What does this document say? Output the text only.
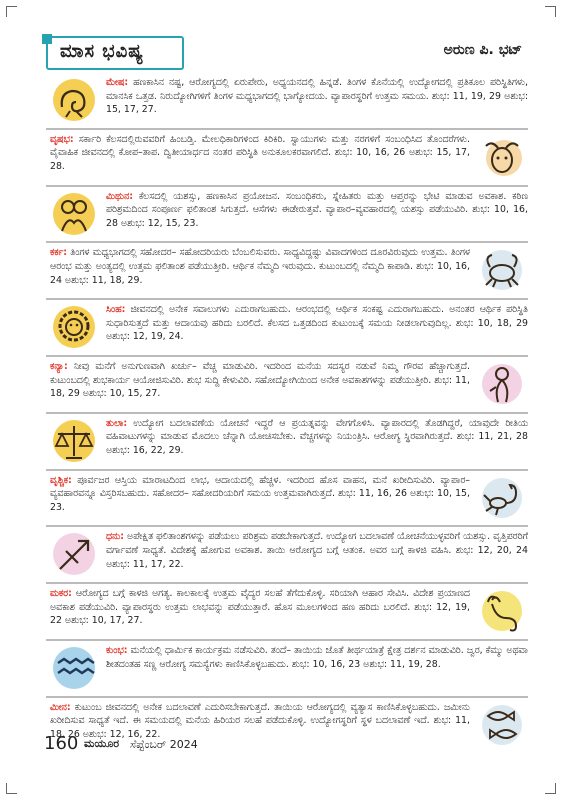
ಮಾಸ ಭವಿಷ್ಯ	ಅರುಣ ಪಿ. ಭಟ್
ಮೇಷ: ಹಣಕಾಸಿನ ನಷ್ಟ, ಆರೋಗ್ಯದಲ್ಲಿ ಏರುಪೇರು, ಅಧ್ಯಯನದಲ್ಲಿ ಹಿನ್ನಡೆ. ತಿಂಗಳ ಕೊನೆಯಲ್ಲಿ ಉದ್ಯೋಗದಲ್ಲಿ ಪ್ರತಿಕೂಲ ಪರಿಸ್ಥಿತಿಗಳು, ಮಾನಸಿಕ ಒತ್ತಡ. ನಿರುದ್ಯೋಗಿಗಳಿಗೆ ತಿಂಗಳ ಮಧ್ಯಭಾಗದಲ್ಲಿ ಭಾಗ್ಯೋದಯ. ವ್ಯಾಪಾರಸ್ಥರಿಗೆ ಉತ್ತಮ ಸಮಯ. ಶುಭ: 11, 19, 29 ಅಶುಭ: 15, 17, 27.
ವೃಷಭ: ಸರ್ಕಾರಿ ಕೆಲಸದಲ್ಲಿರುವವರಿಗೆ ಹಿಂಬಡ್ತಿ. ಮೇಲಧಿಕಾರಿಗಳಿಂದ ಕಿರಿಕಿರಿ. ಸ್ವಾಯುಗಳು ಮತ್ತು ನರಗಳಿಗೆ ಸಂಬಂಧಿಸಿದ ತೊಂದರೆಗಳು. ವೈವಾಹಿಕ ಜೀವನದಲ್ಲಿ ಕೋಪ–ತಾಪ. ದ್ವಿತೀಯಾರ್ಧದ ನಂತರ ಪರಿಸ್ಥಿತಿ ಅನುಕೂಲಕರವಾಗಲಿದೆ. ಶುಭ: 10, 16, 26 ಅಶುಭ: 15, 17, 28.
ಮಿಥುನ: ಕೆಲಸದಲ್ಲಿ ಯಶಸ್ಸು, ಹಣಕಾಸಿನ ಪ್ರಯೋಜನ. ಸಂಬಂಧಿಕರು, ಸ್ನೇಹಿತರು ಮತ್ತು ಆಪ್ತರನ್ನು ಭೇಟಿ ಮಾಡುವ ಅವಕಾಶ. ಕಠಿಣ ಪರಿಶ್ರಮದಿಂದ ಸಂಪೂರ್ಣ ಫಲಿತಾಂಶ ಸಿಗುತ್ತದೆ. ಆಸೆಗಳು ಈಡೇರುತ್ತವೆ. ವ್ಯಾಪಾರ–ವ್ಯವಹಾರದಲ್ಲಿ ಯಶಸ್ಸು ಪಡೆಯುವಿರಿ. ಶುಭ: 10, 16, 28 ಅಶುಭ: 12, 15, 23.
ಕರ್ಕ: ತಿಂಗಳ ಮಧ್ಯಭಾಗದಲ್ಲಿ ಸಹೋದರ– ಸಹೋದರಿಯರು ಬೆಂಬಲಿಸುವರು. ಸಾಧ್ಯವಿದ್ದಷ್ಟು ವಿವಾದಗಳಿಂದ ದೂರವಿರುವುದು ಉತ್ತಮ. ತಿಂಗಳ ಆರಂಭ ಮತ್ತು ಅಂತ್ಯದಲ್ಲಿ ಉತ್ತಮ ಫಲಿತಾಂಶ ಪಡೆಯುತ್ತೀರಿ. ಆರ್ಥಿಕ ನೆಮ್ಮದಿ ಇರುವುದು. ಕುಟುಂಬದಲ್ಲಿ ನೆಮ್ಮದಿ ಕಾಪಾಡಿ. ಶುಭ: 10, 16, 24 ಅಶುಭ: 11, 18, 29.
ಸಿಂಹ: ಜೀವನದಲ್ಲಿ ಅನೇಕ ಸವಾಲುಗಳು ಎದುರಾಗಬಹುದು. ಆರಂಭದಲ್ಲಿ ಆರ್ಥಿಕ ಸಂಕಷ್ಟ ಎದುರಾಗಬಹುದು. ಅನಂತರ ಆರ್ಥಿಕ ಪರಿಸ್ಥಿತಿ ಸುಧಾರಿಸುತ್ತದೆ ಮತ್ತು ಆದಾಯವು ಹರಿದು ಬರಲಿದೆ. ಕೆಲಸದ ಒತ್ತಡದಿಂದ ಕುಟುಂಬಕ್ಕೆ ಸಮಯ ನೀಡಲಾಗುವುದಿಲ್ಲ. ಶುಭ: 10, 18, 29 ಅಶುಭ: 12, 19, 24.
ಕನ್ಯಾ: ನೀವು ಮನೆಗೆ ಅನುಗುಣವಾಗಿ ಖರ್ಚು– ವೆಚ್ಚ ಮಾಡುವಿರಿ. ಇದರಿಂದ ಮನೆಯ ಸದಸ್ಯರ ನಡುವೆ ನಿಮ್ಮ ಗೌರವ ಹೆಚ್ಚಾಗುತ್ತದೆ. ಕುಟುಂಬದಲ್ಲಿ ಶುಭಕಾರ್ಯ ಆಯೋಜಿಸುವಿರಿ. ಶುಭ ಸುದ್ದಿ ಕೇಳುವಿರಿ. ಸಹೋದ್ಯೋಗಿಯಿಂದ ಅನೇಕ ಅವಕಾಶಗಳನ್ನು ಪಡೆಯುತ್ತೀರಿ. ಶುಭ: 11, 18, 29 ಅಶುಭ: 10, 15, 27.
ತುಲಾ: ಉದ್ಯೋಗ ಬದಲಾವಣೆಯ ಯೋಚನೆ ಇದ್ದರೆ ಆ ಪ್ರಯತ್ನವನ್ನು ವೇಗಗೊಳಿಸಿ. ವ್ಯಾಪಾರದಲ್ಲಿ ತೊಡಗಿದ್ದರೆ, ಯಾವುದೇ ರೀತಿಯ ವಹಿವಾಟುಗಳನ್ನು ಮಾಡುವ ಮೊದಲು ಚೆನ್ನಾಗಿ ಯೋಚಿಸಬೇಕು. ವೆಚ್ಚಗಳನ್ನು ನಿಯಂತ್ರಿಸಿ. ಆರೋಗ್ಯ ಸ್ಥಿರವಾಗಿರುತ್ತದೆ. ಶುಭ: 11, 21, 28 ಅಶುಭ: 16, 22, 29.
ವೃಶ್ಚಿಕ: ಪೂರ್ವಜರ ಆಸ್ತಿಯ ಮಾರಾಟದಿಂದ ಲಾಭ, ಆದಾಯದಲ್ಲಿ ಹೆಚ್ಚಳ. ಇದರಿಂದ ಹೊಸ ವಾಹನ, ಮನೆ ಖರೀದಿಸುವಿರಿ. ವ್ಯಾಪಾರ–ವ್ಯವಹಾರವನ್ನೂ ವಿಸ್ತರಿಸಬಹುದು. ಸಹೋದರ– ಸಹೋದರಿಯರಿಗೆ ಸಮಯ ಉತ್ತಮವಾಗಿರುತ್ತದೆ. ಶುಭ: 11, 16, 26 ಅಶುಭ: 10, 15, 23.
ಧನು: ಅಪೇಕ್ಷಿತ ಫಲಿತಾಂಶಗಳನ್ನು ಪಡೆಯಲು ಪರಿಶ್ರಮ ಪಡಬೇಕಾಗುತ್ತದೆ. ಉದ್ಯೋಗ ಬದಲಾವಣೆ ಯೋಚನೆಯುಳ್ಳವರಿಗೆ ಯಶಸ್ಸು. ವೃತ್ತಿಪರರಿಗೆ ವರ್ಗಾವಣೆ ಸಾಧ್ಯತೆ. ವಿದೇಶಕ್ಕೆ ಹೋಗುವ ಅವಕಾಶ. ತಾಯಿ ಆರೋಗ್ಯದ ಬಗ್ಗೆ ಆತಂಕ. ಅವರ ಬಗ್ಗೆ ಕಾಳಜಿ ವಹಿಸಿ. ಶುಭ: 12, 20, 24 ಅಶುಭ: 11, 17, 22.
ಮಕರ: ಆರೋಗ್ಯದ ಬಗ್ಗೆ ಕಾಳಜಿ ಅಗತ್ಯ. ಕಾಲಕಾಲಕ್ಕೆ ಉತ್ತಮ ವೈದ್ಯರ ಸಲಹೆ ತೆಗೆದುಕೊಳ್ಳಿ. ಸರಿಯಾಗಿ ಆಹಾರ ಸೇವಿಸಿ. ವಿದೇಶ ಪ್ರಯಾಣದ ಅವಕಾಶ ಪಡೆಯುವಿರಿ. ವ್ಯಾಪಾರಸ್ಥರು ಉತ್ತಮ ಲಾಭವನ್ನು ಪಡೆಯುತ್ತಾರೆ. ಹೊಸ ಮೂಲಗಳಿಂದ ಹಣ ಹರಿದು ಬರಲಿದೆ. ಶುಭ: 12, 19, 22 ಅಶುಭ: 10, 17, 27.
ಕುಂಭ: ಮನೆಯಲ್ಲಿ ಧಾರ್ಮಿಕ ಕಾರ್ಯಕ್ರಮ ನಡೆಸುವಿರಿ. ತಂದೆ– ತಾಯಿಯ ಜೊತೆ ತೀರ್ಥಯಾತ್ರೆ ಕ್ಷೇತ್ರ ದರ್ಶನ ಮಾಡುವಿರಿ. ಜ್ವರ, ಕೆಮ್ಮು ಅಥವಾ ಶೀತದಂತಹ ಸಣ್ಣ ಆರೋಗ್ಯ ಸಮಸ್ಯೆಗಳು ಕಾಣಿಸಿಕೊಳ್ಳಬಹುದು. ಶುಭ: 10, 16, 23 ಅಶುಭ: 11, 19, 28.
ಮೀನ: ಕುಟುಂಬ ಜೀವನದಲ್ಲಿ ಅನೇಕ ಬದಲಾವಣೆ ಎದುರಿಸಬೇಕಾಗುತ್ತದೆ. ತಾಯಿಯ ಆರೋಗ್ಯದಲ್ಲಿ ವ್ಯತ್ಯಾಸ ಕಾಣಿಸಿಕೊಳ್ಳಬಹುದು. ಜಮೀನು ಖರೀದಿಸುವ ಸಾಧ್ಯತೆ ಇದೆ. ಈ ಸಮಯದಲ್ಲಿ ಮನೆಯ ಹಿರಿಯರ ಸಲಹೆ ಪಡೆದುಕೊಳ್ಳಿ. ಉದ್ಯೋಗಸ್ಥರಿಗೆ ಸ್ಥಳ ಬದಲಾವಣೆ ಇದೆ. ಶುಭ: 11, 18, 26 ಅಶುಭ: 12, 16, 22.
160 ಮಯೂರ ಸೆಪ್ಟೆಂಬರ್ 2024
